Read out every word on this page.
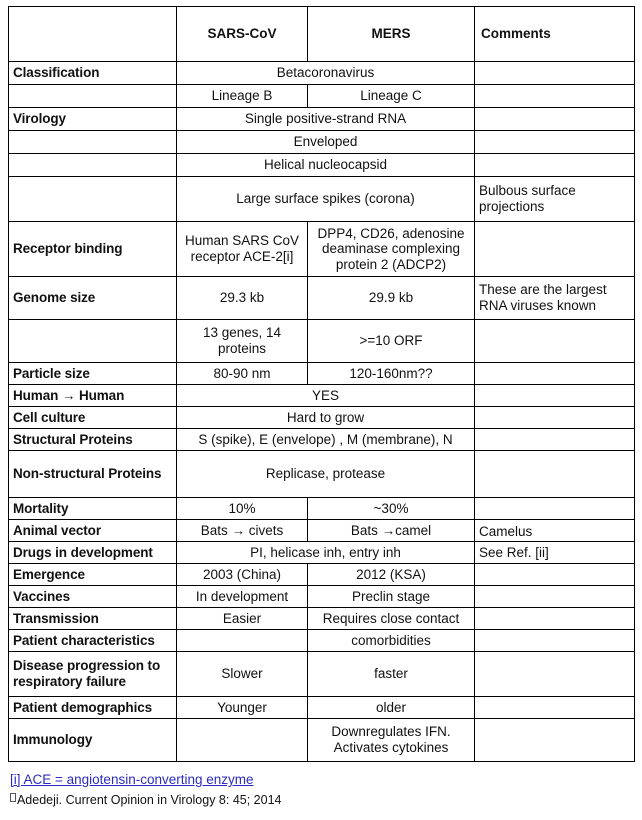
	SARS-CoV	MERS	Comments
Classification	Betacoronavirus		
	Lineage B	Lineage C	
Virology	Single positive-strand RNA		
	Enveloped		
	Helical nucleocapsid		
	Large surface spikes (corona)		Bulbous surface projections
Receptor binding	Human SARS CoV receptor ACE-2[i]	DPP4, CD26, adenosine deaminase complexing protein 2 (ADCP2)	
Genome size	29.3 kb	29.9 kb	These are the largest RNA viruses known
	13 genes, 14 proteins	>=10 ORF	
Particle size	80-90 nm	120-160nm??	
Human → Human	YES		
Cell culture	Hard to grow		
Structural Proteins	S (spike), E (envelope) , M (membrane), N		
Non-structural Proteins	Replicase, protease		
Mortality	10%	~30%	
Animal vector	Bats → civets	Bats →camel	Camelus

Drugs in development	PI, helicase inh, entry inh		See Ref. [ii]
Emergence	2003 (China)	2012 (KSA)	
Vaccines	In development	Preclin stage	
Transmission	Easier	Requires close contact	
Patient characteristics		comorbidities	
Disease progression to respiratory failure	Slower	faster	
Patient demographics	Younger	older	
Immunology		Downregulates IFN. Activates cytokines	
[i] ACE = angiotensin-converting enzyme
Adedeji. Current Opinion in Virology 8: 45; 2014
